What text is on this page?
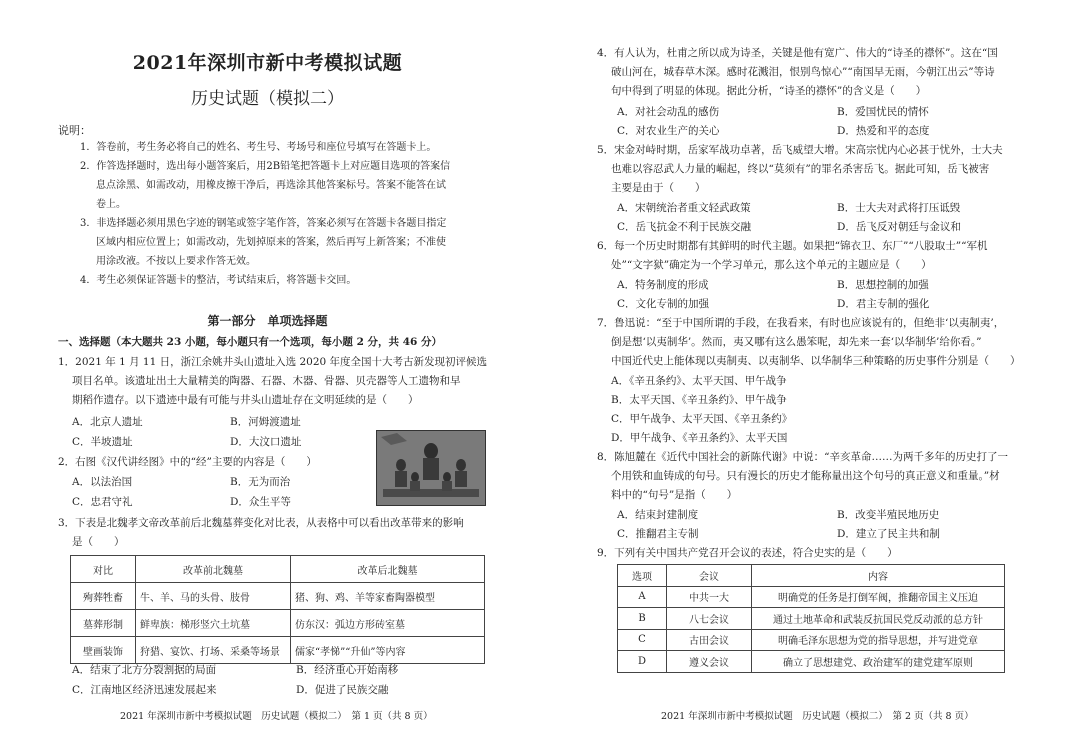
2021年深圳市新中考模拟试题
历史试题（模拟二）
说明：
1．答卷前，考生务必将自己的姓名、考生号、考场号和座位号填写在答题卡上。
2．作答选择题时，选出每小题答案后，用2B铅笔把答题卡上对应题目选项的答案信
息点涂黑、如需改动，用橡皮擦干净后，再选涂其他答案标号。答案不能答在试
卷上。
3．非选择题必须用黑色字迹的钢笔或签字笔作答，答案必须写在答题卡各题目指定
区域内相应位置上；如需改动，先划掉原来的答案，然后再写上新答案；不准使
用涂改液。不按以上要求作答无效。
4．考生必须保证答题卡的整洁，考试结束后，将答题卡交回。
第一部分　单项选择题
一、选择题（本大题共 23 小题，每小题只有一个选项，每小题 2 分，共 46 分）
1．2021 年 1 月 11 日，浙江余姚井头山遗址入选 2020 年度全国十大考古新发现初评候选
项目名单。该遗址出土大量精美的陶器、石器、木器、骨器、贝壳器等人工遗物和早
期稻作遗存。以下遗迹中最有可能与井头山遗址存在文明延续的是（　　）
A．北京人遗址	B．河姆渡遗址
C．半坡遗址	D．大汶口遗址
2．右图《汉代讲经图》中的“经”主要的内容是（　　）
A．以法治国	B．无为而治
C．忠君守礼	D．众生平等
3．下表是北魏孝文帝改革前后北魏墓葬变化对比表，从表格中可以看出改革带来的影响
是（　　）
对比	改革前北魏墓	改革后北魏墓
殉葬牲畜	牛、羊、马的头骨、肢骨	猪、狗、鸡、羊等家畜陶器模型
墓葬形制	鲜卑族：梯形竖穴土坑墓	仿东汉：弧边方形砖室墓
壁画装饰	狩猎、宴饮、打场、采桑等场景	儒家“孝悌”“升仙”等内容
A．结束了北方分裂割据的局面	B．经济重心开始南移
C．江南地区经济迅速发展起来	D．促进了民族交融
2021 年深圳市新中考模拟试题　历史试题（模拟二）　第 1 页（共 8 页）
4．有人认为，杜甫之所以成为诗圣，关键是他有宽广、伟大的“诗圣的襟怀”。这在“国
破山河在，城春草木深。感时花溅泪，恨别鸟惊心”“南国早无雨，今朝江出云”等诗
句中得到了明显的体现。据此分析，“诗圣的襟怀”的含义是（　　）
A．对社会动乱的感伤	B．爱国忧民的情怀
C．对农业生产的关心	D．热爱和平的态度
5．宋金对峙时期，岳家军战功卓著，岳飞威望大增。宋高宗忧内心必甚于忧外，士大夫
也难以容忍武人力量的崛起，终以“莫须有”的罪名杀害岳飞。据此可知，岳飞被害
主要是由于（　　）
A．宋朝统治者重文轻武政策	B．士大夫对武将打压诋毁
C．岳飞抗金不利于民族交融	D．岳飞反对朝廷与金议和
6．每一个历史时期都有其鲜明的时代主题。如果把“锦衣卫、东厂”“八股取士”“军机
处”“文字狱”确定为一个学习单元，那么这个单元的主题应是（　　）
A．特务制度的形成	B．思想控制的加强
C．文化专制的加强	D．君主专制的强化
7．鲁迅说：“至于中国所谓的手段，在我看来，有时也应该说有的，但绝非‘以夷制夷’，
倒是想‘以夷制华’。然而，夷又哪有这么愚笨呢，却先来一套‘以华制华’给你看。”
中国近代史上能体现以夷制夷、以夷制华、以华制华三种策略的历史事件分别是（　　）
A．《辛丑条约》、太平天国、甲午战争
B．太平天国、《辛丑条约》、甲午战争
C．甲午战争、太平天国、《辛丑条约》
D．甲午战争、《辛丑条约》、太平天国
8．陈旭麓在《近代中国社会的新陈代谢》中说：“辛亥革命……为两千多年的历史打了一
个用铁和血铸成的句号。只有漫长的历史才能称量出这个句号的真正意义和重量。”材
料中的“句号”是指（　　）
A．结束封建制度	B．改变半殖民地历史
C．推翻君主专制	D．建立了民主共和制
9．下列有关中国共产党召开会议的表述，符合史实的是（　　）
选项	会议	内容
A	中共一大	明确党的任务是打倒军阀，推翻帝国主义压迫
B	八七会议	通过土地革命和武装反抗国民党反动派的总方针
C	古田会议	明确毛泽东思想为党的指导思想，并写进党章
D	遵义会议	确立了思想建党、政治建军的建党建军原则
2021 年深圳市新中考模拟试题　历史试题（模拟二）　第 2 页（共 8 页）
